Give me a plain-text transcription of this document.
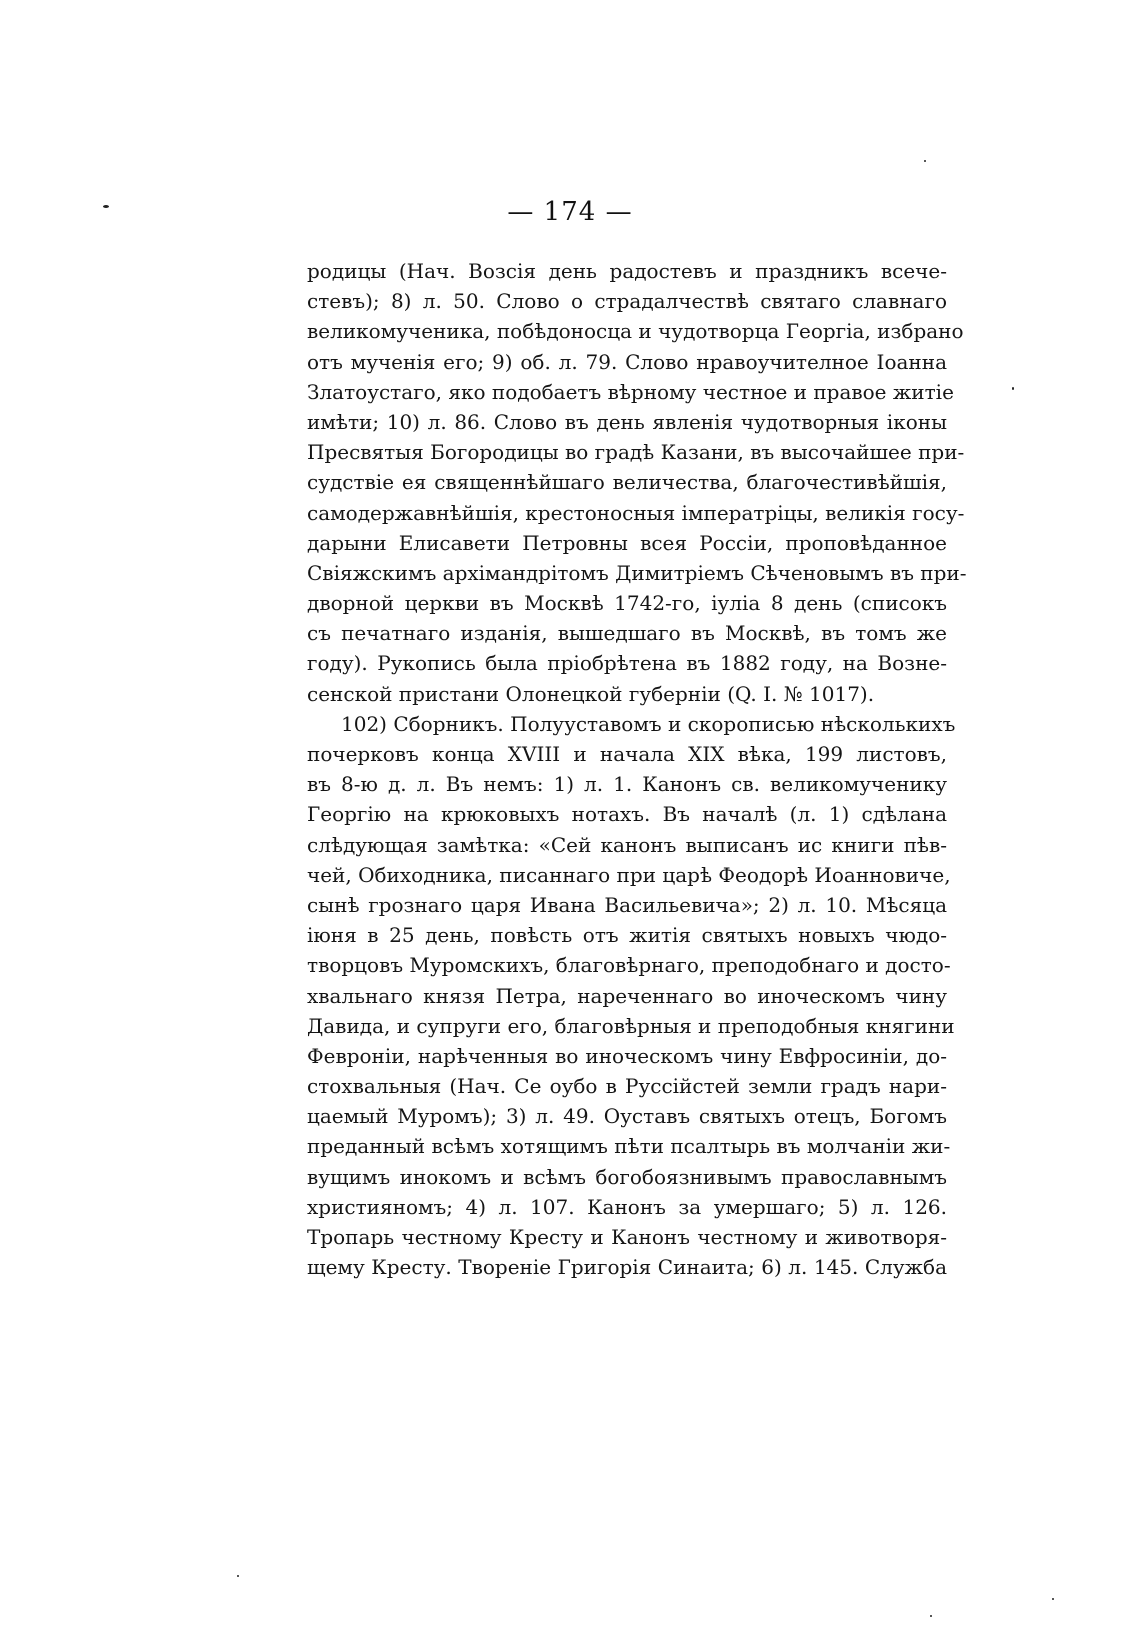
— 174 —
родицы (Нач. Возсія день радостевъ и праздникъ всече-
стевъ); 8) л. 50. Слово о страдалчествѣ святаго славнаго
великомученика, побѣдоносца и чудотворца Георгіа, избрано
отъ мученія его; 9) об. л. 79. Слово нравоучителное Іоанна
Златоустаго, яко подобаетъ вѣрному честное и правое житіе
имѣти; 10) л. 86. Слово въ день явленія чудотворныя іконы
Пресвятыя Богородицы во градѣ Казани, въ высочайшее при-
судствіе ея священнѣйшаго величества, благочестивѣйшія,
самодержавнѣйшія, крестоносныя імператріцы, великія госу-
дарыни Елисавети Петровны всея Россіи, проповѣданное
Свіяжскимъ архімандрітомъ Димитріемъ Сѣченовымъ въ при-
дворной церкви въ Москвѣ 1742-го, іуліа 8 день (списокъ
съ печатнаго изданія, вышедшаго въ Москвѣ, въ томъ же
году). Рукопись была пріобрѣтена въ 1882 году, на Возне-
сенской пристани Олонецкой губерніи (Q. I. № 1017).
102) Сборникъ. Полууставомъ и скорописью нѣсколькихъ
почерковъ конца XVIII и начала XIX вѣка, 199 листовъ,
въ 8-ю д. л. Въ немъ: 1) л. 1. Канонъ св. великомученику
Георгію на крюковыхъ нотахъ. Въ началѣ (л. 1) сдѣлана
слѣдующая замѣтка: «Сей канонъ выписанъ ис книги пѣв-
чей, Обиходника, писаннаго при царѣ Феодорѣ Иоанновиче,
сынѣ грознаго царя Ивана Васильевича»; 2) л. 10. Мѣсяца
іюня в 25 день, повѣсть отъ житія святыхъ новыхъ чюдо-
творцовъ Муромскихъ, благовѣрнаго, преподобнаго и досто-
хвальнаго князя Петра, нареченнаго во иноческомъ чину
Давида, и супруги его, благовѣрныя и преподобныя княгини
Февроніи, нарѣченныя во иноческомъ чину Евфросиніи, до-
стохвальныя (Нач. Се оубо в Руссійстей земли градъ нари-
цаемый Муромъ); 3) л. 49. Оуставъ святыхъ отецъ, Богомъ
преданный всѣмъ хотящимъ пѣти псалтырь въ молчаніи жи-
вущимъ инокомъ и всѣмъ богобоязнивымъ православнымъ
християномъ; 4) л. 107. Канонъ за умершаго; 5) л. 126.
Тропарь честному Кресту и Канонъ честному и животворя-
щему Кресту. Твореніе Григорія Синаита; 6) л. 145. Служба
